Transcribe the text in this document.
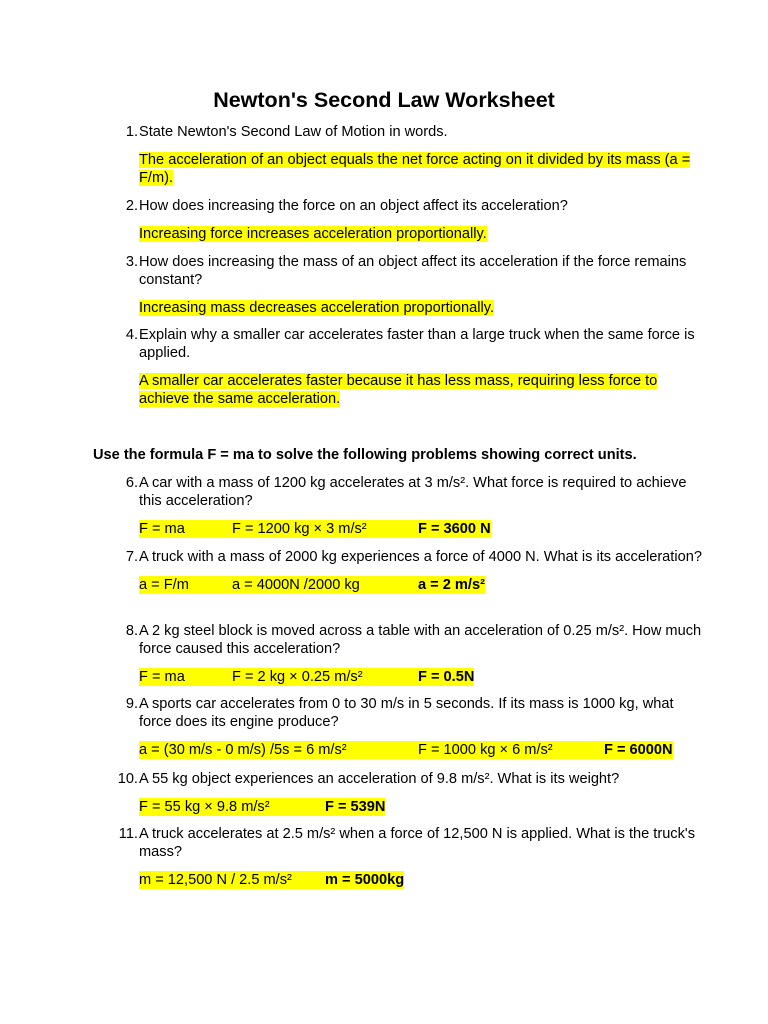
Newton's Second Law Worksheet
1. State Newton's Second Law of Motion in words.
The acceleration of an object equals the net force acting on it divided by its mass (a = F/m).
2. How does increasing the force on an object affect its acceleration?
Increasing force increases acceleration proportionally.
3. How does increasing the mass of an object affect its acceleration if the force remains constant?
Increasing mass decreases acceleration proportionally.
4. Explain why a smaller car accelerates faster than a large truck when the same force is applied.
A smaller car accelerates faster because it has less mass, requiring less force to achieve the same acceleration.
Use the formula F = ma to solve the following problems showing correct units.
6. A car with a mass of 1200 kg accelerates at 3 m/s². What force is required to achieve this acceleration?
F = ma	F = 1200 kg × 3 m/s²	F = 3600 N
7. A truck with a mass of 2000 kg experiences a force of 4000 N. What is its acceleration?
a = F/m	a = 4000N /2000 kg	a = 2 m/s²
8. A 2 kg steel block is moved across a table with an acceleration of 0.25 m/s². How much force caused this acceleration?
F = ma	F = 2 kg × 0.25 m/s²	F = 0.5N
9. A sports car accelerates from 0 to 30 m/s in 5 seconds. If its mass is 1000 kg, what force does its engine produce?
a = (30 m/s - 0 m/s) /5s = 6 m/s²	F = 1000 kg × 6 m/s²	F = 6000N
10. A 55 kg object experiences an acceleration of 9.8 m/s². What is its weight?
F = 55 kg × 9.8 m/s²	F = 539N
11. A truck accelerates at 2.5 m/s² when a force of 12,500 N is applied. What is the truck's mass?
m = 12,500 N / 2.5 m/s² m = 5000kg
